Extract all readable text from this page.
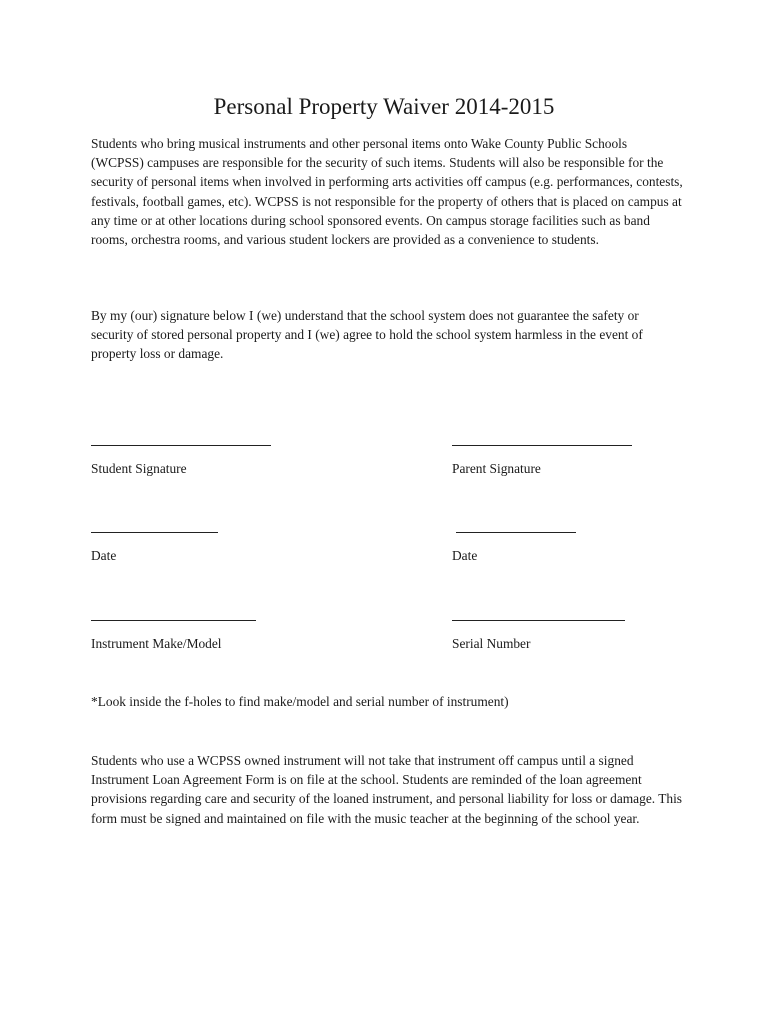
Personal Property Waiver 2014-2015

Students who bring musical instruments and other personal items onto Wake County Public Schools (WCPSS) campuses are responsible for the security of such items. Students will also be responsible for the security of personal items when involved in performing arts activities off campus (e.g. performances, contests, festivals, football games, etc). WCPSS is not responsible for the property of others that is placed on campus at any time or at other locations during school sponsored events. On campus storage facilities such as band rooms, orchestra rooms, and various student lockers are provided as a convenience to students.

By my (our) signature below I (we) understand that the school system does not guarantee the safety or security of stored personal property and I (we) agree to hold the school system harmless in the event of property loss or damage.

Student Signature	Parent Signature
Date	Date
Instrument Make/Model	Serial Number

*Look inside the f-holes to find make/model and serial number of instrument)

Students who use a WCPSS owned instrument will not take that instrument off campus until a signed Instrument Loan Agreement Form is on file at the school. Students are reminded of the loan agreement provisions regarding care and security of the loaned instrument, and personal liability for loss or damage. This form must be signed and maintained on file with the music teacher at the beginning of the school year.
